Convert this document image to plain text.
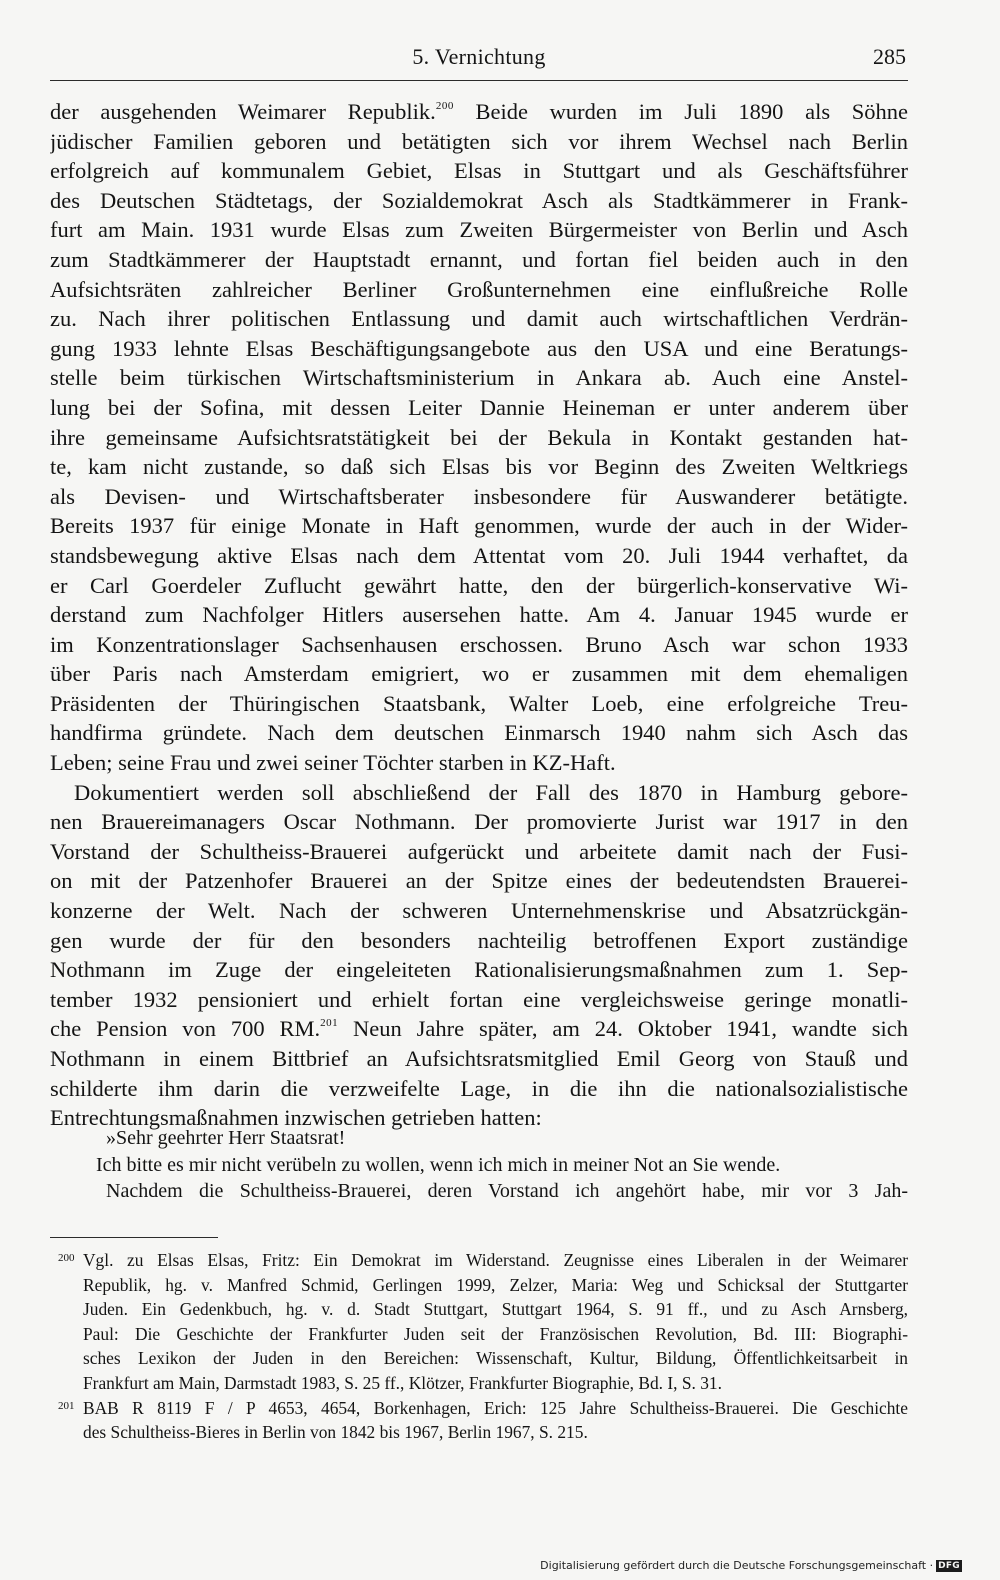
5. Vernichtung	285
der ausgehenden Weimarer Republik.$^{200}$ Beide wurden im Juli 1890 als Söhne
jüdischer Familien geboren und betätigten sich vor ihrem Wechsel nach Berlin
erfolgreich auf kommunalem Gebiet, Elsas in Stuttgart und als Geschäftsführer
des Deutschen Städtetags, der Sozialdemokrat Asch als Stadtkämmerer in Frank-
furt am Main. 1931 wurde Elsas zum Zweiten Bürgermeister von Berlin und Asch
zum Stadtkämmerer der Hauptstadt ernannt, und fortan fiel beiden auch in den
Aufsichtsräten zahlreicher Berliner Großunternehmen eine einflußreiche Rolle
zu. Nach ihrer politischen Entlassung und damit auch wirtschaftlichen Verdrän-
gung 1933 lehnte Elsas Beschäftigungsangebote aus den USA und eine Beratungs-
stelle beim türkischen Wirtschaftsministerium in Ankara ab. Auch eine Anstel-
lung bei der Sofina, mit dessen Leiter Dannie Heineman er unter anderem über
ihre gemeinsame Aufsichtsratstätigkeit bei der Bekula in Kontakt gestanden hat-
te, kam nicht zustande, so daß sich Elsas bis vor Beginn des Zweiten Weltkriegs
als Devisen- und Wirtschaftsberater insbesondere für Auswanderer betätigte.
Bereits 1937 für einige Monate in Haft genommen, wurde der auch in der Wider-
standsbewegung aktive Elsas nach dem Attentat vom 20. Juli 1944 verhaftet, da
er Carl Goerdeler Zuflucht gewährt hatte, den der bürgerlich-konservative Wi-
derstand zum Nachfolger Hitlers ausersehen hatte. Am 4. Januar 1945 wurde er
im Konzentrationslager Sachsenhausen erschossen. Bruno Asch war schon 1933
über Paris nach Amsterdam emigriert, wo er zusammen mit dem ehemaligen
Präsidenten der Thüringischen Staatsbank, Walter Loeb, eine erfolgreiche Treu-
handfirma gründete. Nach dem deutschen Einmarsch 1940 nahm sich Asch das
Leben; seine Frau und zwei seiner Töchter starben in KZ-Haft.
Dokumentiert werden soll abschließend der Fall des 1870 in Hamburg gebore-
nen Brauereimanagers Oscar Nothmann. Der promovierte Jurist war 1917 in den
Vorstand der Schultheiss-Brauerei aufgerückt und arbeitete damit nach der Fusi-
on mit der Patzenhofer Brauerei an der Spitze eines der bedeutendsten Brauerei-
konzerne der Welt. Nach der schweren Unternehmenskrise und Absatzrückgän-
gen wurde der für den besonders nachteilig betroffenen Export zuständige
Nothmann im Zuge der eingeleiteten Rationalisierungsmaßnahmen zum 1. Sep-
tember 1932 pensioniert und erhielt fortan eine vergleichsweise geringe monatli-
che Pension von 700 RM.$^{201}$ Neun Jahre später, am 24. Oktober 1941, wandte sich
Nothmann in einem Bittbrief an Aufsichtsratsmitglied Emil Georg von Stauß und
schilderte ihm darin die verzweifelte Lage, in die ihn die nationalsozialistische
Entrechtungsmaßnahmen inzwischen getrieben hatten:
»Sehr geehrter Herr Staatsrat!
Ich bitte es mir nicht verübeln zu wollen, wenn ich mich in meiner Not an Sie wende.
Nachdem die Schultheiss-Brauerei, deren Vorstand ich angehört habe, mir vor 3 Jah-
200 Vgl. zu Elsas Elsas, Fritz: Ein Demokrat im Widerstand. Zeugnisse eines Liberalen in der Weimarer
Republik, hg. v. Manfred Schmid, Gerlingen 1999, Zelzer, Maria: Weg und Schicksal der Stuttgarter
Juden. Ein Gedenkbuch, hg. v. d. Stadt Stuttgart, Stuttgart 1964, S. 91 ff., und zu Asch Arnsberg,
Paul: Die Geschichte der Frankfurter Juden seit der Französischen Revolution, Bd. III: Biographi-
sches Lexikon der Juden in den Bereichen: Wissenschaft, Kultur, Bildung, Öffentlichkeitsarbeit in
Frankfurt am Main, Darmstadt 1983, S. 25 ff., Klötzer, Frankfurter Biographie, Bd. I, S. 31.
201 BAB R 8119 F / P 4653, 4654, Borkenhagen, Erich: 125 Jahre Schultheiss-Brauerei. Die Geschichte
des Schultheiss-Bieres in Berlin von 1842 bis 1967, Berlin 1967, S. 215.
Digitalisierung gefördert durch die Deutsche Forschungsgemeinschaft · DFG
